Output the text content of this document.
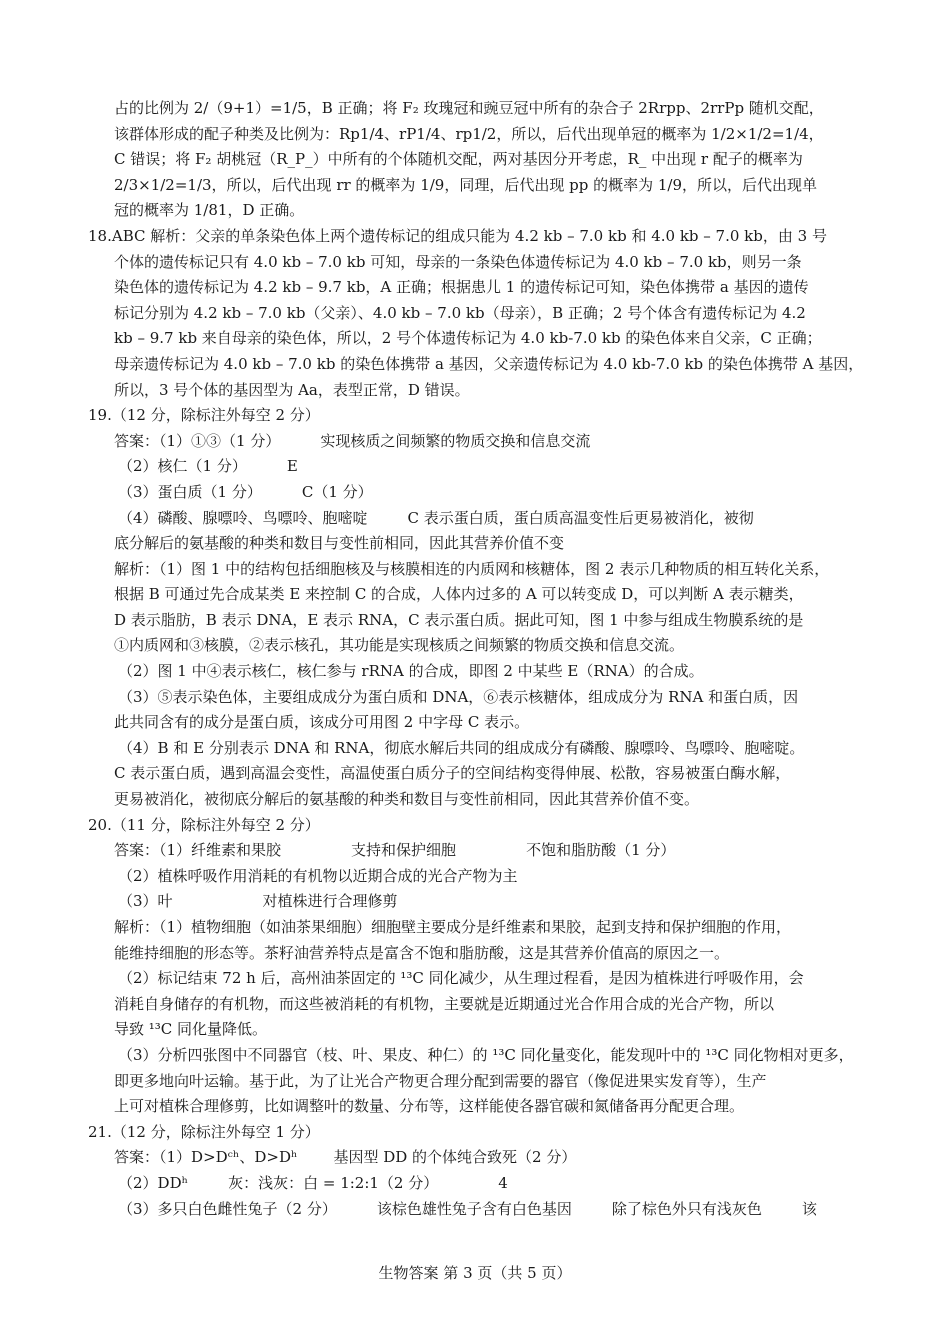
占的比例为 2/（9+1）=1/5，B 正确；将 F₂ 玫瑰冠和豌豆冠中所有的杂合子 2Rrpp、2rrPp 随机交配，

该群体形成的配子种类及比例为：Rp1/4、rP1/4、rp1/2，所以，后代出现单冠的概率为 1/2×1/2=1/4，

C 错误；将 F₂ 胡桃冠（R_P_）中所有的个体随机交配，两对基因分开考虑，R_ 中出现 r 配子的概率为

2/3×1/2=1/3，所以，后代出现 rr 的概率为 1/9，同理，后代出现 pp 的概率为 1/9，所以，后代出现单

冠的概率为 1/81，D 正确。

18.ABC 解析：父亲的单条染色体上两个遗传标记的组成只能为 4.2 kb – 7.0 kb 和 4.0 kb – 7.0 kb，由 3 号

个体的遗传标记只有 4.0 kb – 7.0 kb 可知，母亲的一条染色体遗传标记为 4.0 kb – 7.0 kb，则另一条

染色体的遗传标记为 4.2 kb – 9.7 kb，A 正确；根据患儿 1 的遗传标记可知，染色体携带 a 基因的遗传

标记分别为 4.2 kb – 7.0 kb（父亲）、4.0 kb – 7.0 kb（母亲），B 正确；2 号个体含有遗传标记为 4.2

kb – 9.7 kb 来自母亲的染色体，所以，2 号个体遗传标记为 4.0 kb-7.0 kb 的染色体来自父亲，C 正确；

母亲遗传标记为 4.0 kb – 7.0 kb 的染色体携带 a 基因，父亲遗传标记为 4.0 kb-7.0 kb 的染色体携带 A 基因，

所以，3 号个体的基因型为 Aa，表型正常，D 错误。

19.（12 分，除标注外每空 2 分）

答案：（1）①③（1 分）	实现核质之间频繁的物质交换和信息交流

（2）核仁（1 分）	E

（3）蛋白质（1 分）	C（1 分）

（4）磷酸、腺嘌呤、鸟嘌呤、胞嘧啶	C 表示蛋白质，蛋白质高温变性后更易被消化，被彻

底分解后的氨基酸的种类和数目与变性前相同，因此其营养价值不变

解析：（1）图 1 中的结构包括细胞核及与核膜相连的内质网和核糖体，图 2 表示几种物质的相互转化关系，

根据 B 可通过先合成某类 E 来控制 C 的合成，人体内过多的 A 可以转变成 D，可以判断 A 表示糖类，

D 表示脂肪，B 表示 DNA，E 表示 RNA，C 表示蛋白质。据此可知，图 1 中参与组成生物膜系统的是

①内质网和③核膜，②表示核孔，其功能是实现核质之间频繁的物质交换和信息交流。

（2）图 1 中④表示核仁，核仁参与 rRNA 的合成，即图 2 中某些 E（RNA）的合成。

（3）⑤表示染色体，主要组成成分为蛋白质和 DNA，⑥表示核糖体，组成成分为 RNA 和蛋白质，因

此共同含有的成分是蛋白质，该成分可用图 2 中字母 C 表示。

（4）B 和 E 分别表示 DNA 和 RNA，彻底水解后共同的组成成分有磷酸、腺嘌呤、鸟嘌呤、胞嘧啶。

C 表示蛋白质，遇到高温会变性，高温使蛋白质分子的空间结构变得伸展、松散，容易被蛋白酶水解，

更易被消化，被彻底分解后的氨基酸的种类和数目与变性前相同，因此其营养价值不变。

20.（11 分，除标注外每空 2 分）

答案：（1）纤维素和果胶	支持和保护细胞	不饱和脂肪酸（1 分）

（2）植株呼吸作用消耗的有机物以近期合成的光合产物为主

（3）叶	对植株进行合理修剪

解析：（1）植物细胞（如油茶果细胞）细胞壁主要成分是纤维素和果胶，起到支持和保护细胞的作用，

能维持细胞的形态等。茶籽油营养特点是富含不饱和脂肪酸，这是其营养价值高的原因之一。

（2）标记结束 72 h 后，高州油茶固定的 ¹³C 同化减少，从生理过程看，是因为植株进行呼吸作用，会

消耗自身储存的有机物，而这些被消耗的有机物，主要就是近期通过光合作用合成的光合产物，所以

导致 ¹³C 同化量降低。

（3）分析四张图中不同器官（枝、叶、果皮、种仁）的 ¹³C 同化量变化，能发现叶中的 ¹³C 同化物相对更多，

即更多地向叶运输。基于此，为了让光合产物更合理分配到需要的器官（像促进果实发育等），生产

上可对植株合理修剪，比如调整叶的数量、分布等，这样能使各器官碳和氮储备再分配更合理。

21.（12 分，除标注外每空 1 分）

答案：（1）D>Dᶜʰ、D>Dʰ 基因型 DD 的个体纯合致死（2 分）

（2）DDʰ	灰：浅灰：白 = 1:2:1（2 分）	4

（3）多只白色雌性兔子（2 分）	该棕色雄性兔子含有白色基因	除了棕色外只有浅灰色	该

生物答案 第 3 页（共 5 页）
